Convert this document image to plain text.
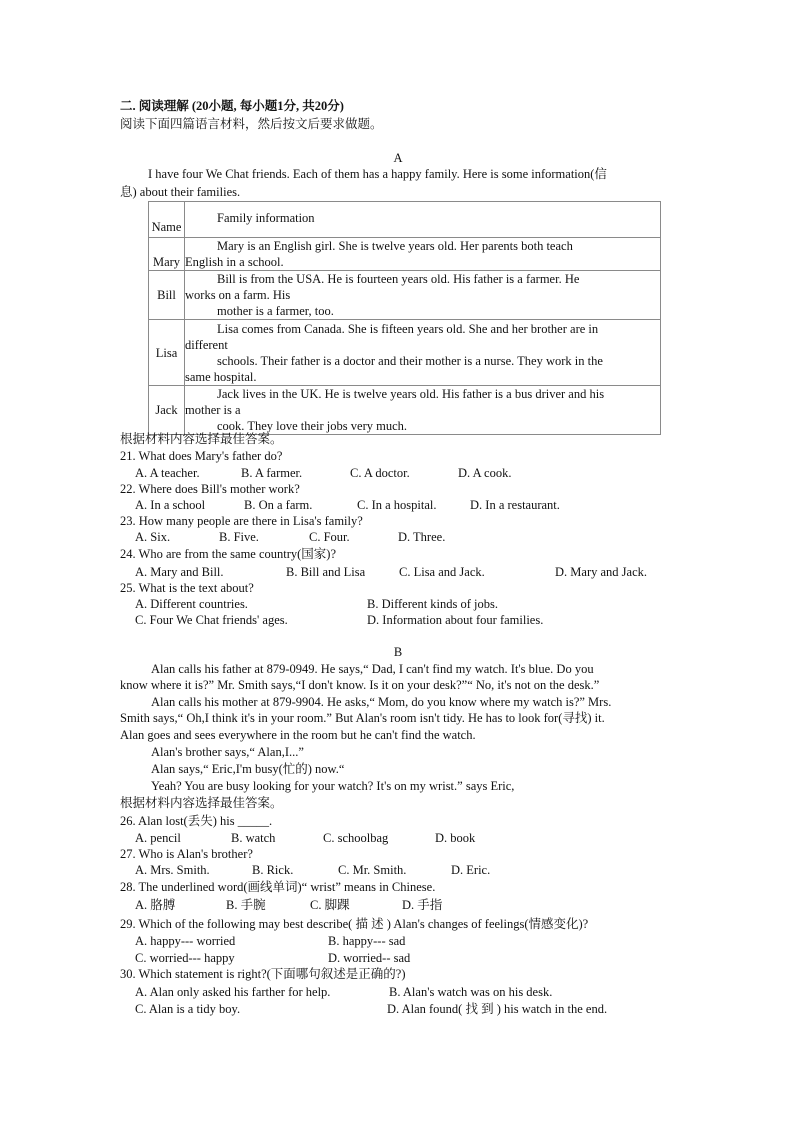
二. 阅读理解 (20小题, 每小题1分, 共20分)
阅读下面四篇语言材料，然后按文后要求做题。
A
I have four We Chat friends. Each of them has a happy family. Here is some information(信
息) about their families.
Name	Family information
Mary	Mary is an English girl. She is twelve years old. Her parents both teach

English in a school.

Bill	Bill is from the USA. He is fourteen years old. His father is a farmer. He

works on a farm. His

mother is a farmer, too.

Lisa	Lisa comes from Canada. She is fifteen years old. She and her brother are in

different

schools. Their father is a doctor and their mother is a nurse. They work in the

same hospital.

Jack	Jack lives in the UK. He is twelve years old. His father is a bus driver and his

mother is a

cook. They love their jobs very much.

根据材料内容选择最佳答案。
21. What does Mary's father do?
A. A teacher.	B. A farmer.	C. A doctor.	D. A cook.
22. Where does Bill's mother work?
A. In a school	B. On a farm.	C. In a hospital.	D. In a restaurant.
23. How many people are there in Lisa's family?
A. Six.	B. Five.	C. Four.	D. Three.
24. Who are from the same country(国家)?
A. Mary and Bill.	B. Bill and Lisa	C. Lisa and Jack.	D. Mary and Jack.
25. What is the text about?
A. Different countries.	B. Different kinds of jobs.
C. Four We Chat friends' ages.	D. Information about four families.
B
Alan calls his father at 879-0949. He says,“ Dad, I can't find my watch. It's blue. Do you
know where it is?” Mr. Smith says,“I don't know. Is it on your desk?”“ No, it's not on the desk.”
Alan calls his mother at 879-9904. He asks,“ Mom, do you know where my watch is?” Mrs.
Smith says,“ Oh,I think it's in your room.” But Alan's room isn't tidy. He has to look for(寻找) it.
Alan goes and sees everywhere in the room but he can't find the watch.
Alan's brother says,“ Alan,I...”
Alan says,“ Eric,I'm busy(忙的) now.“
Yeah? You are busy looking for your watch? It's on my wrist.” says Eric,
根据材料内容选择最佳答案。
26. Alan lost(丢失) his _____.
A. pencil	B. watch	C. schoolbag	D. book
27. Who is Alan's brother?
A. Mrs. Smith.	B. Rick.	C. Mr. Smith.	D. Eric.
28. The underlined word(画线单词)“ wrist” means in Chinese.
A. 胳膊	B. 手腕	C. 脚踝	D. 手指
29. Which of the following may best describe( 描 述 ) Alan's changes of feelings(情感变化)?
A. happy--- worried	B. happy--- sad
C. worried--- happy	D. worried-- sad
30. Which statement is right?(下面哪句叙述是正确的?)
A. Alan only asked his farther for help.	B. Alan's watch was on his desk.
C. Alan is a tidy boy.	D. Alan found( 找 到 ) his watch in the end.
